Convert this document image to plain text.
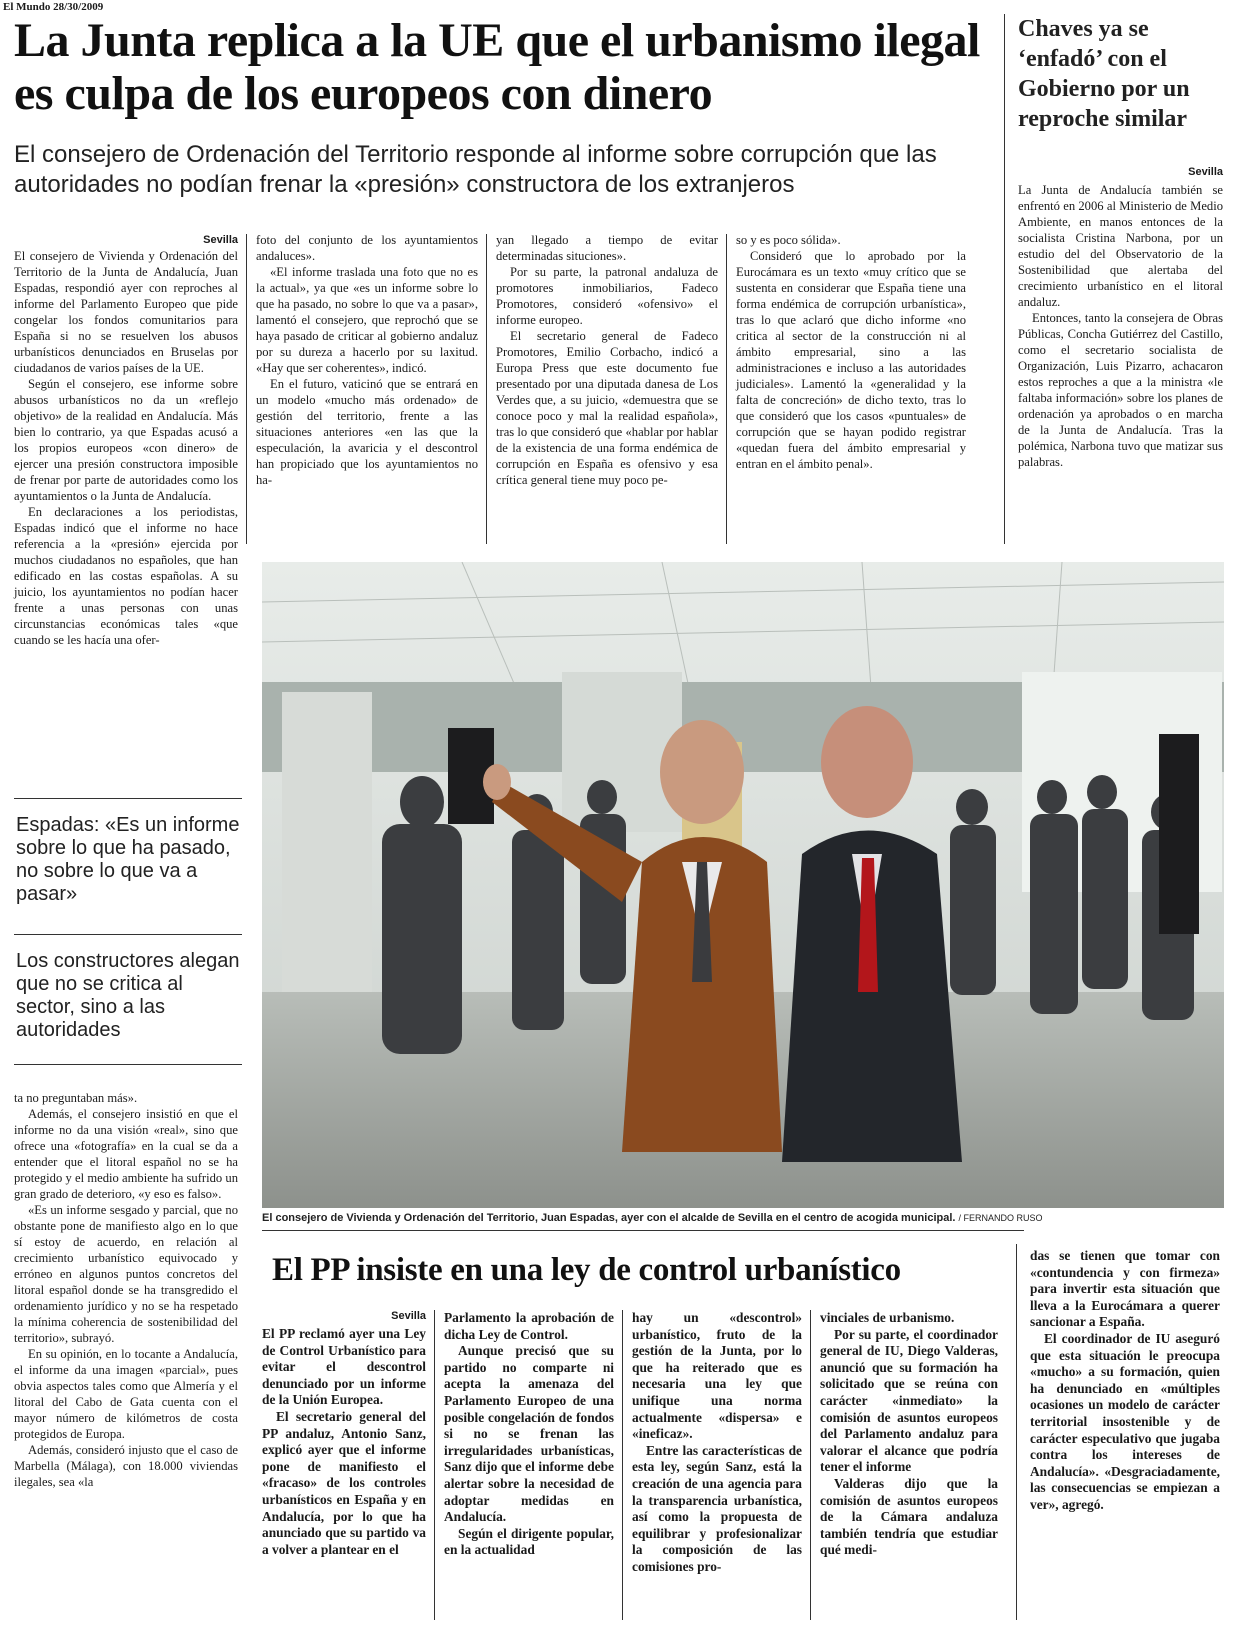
El Mundo 28/30/2009
La Junta replica a la UE que el urbanismo ilegal es culpa de los europeos con dinero
El consejero de Ordenación del Territorio responde al informe sobre corrupción que las autoridades no podían frenar la «presión» constructora de los extranjeros
Chaves ya se ‘enfadó’ con el Gobierno por un reproche similar
Sevilla

La Junta de Andalucía también se enfrentó en 2006 al Ministerio de Medio Ambiente, en manos entonces de la socialista Cristina Narbona, por un estudio del del Observatorio de la Sostenibilidad que alertaba del crecimiento urbanístico en el litoral andaluz.

Entonces, tanto la consejera de Obras Públicas, Concha Gutiérrez del Castillo, como el secretario socialista de Organización, Luis Pizarro, achacaron estos reproches a que a la ministra «le faltaba información» sobre los planes de ordenación ya aprobados o en marcha de la Junta de Andalucía. Tras la polémica, Narbona tuvo que matizar sus palabras.

Sevilla

El consejero de Vivienda y Ordenación del Territorio de la Junta de Andalucía, Juan Espadas, respondió ayer con reproches al informe del Parlamento Europeo que pide congelar los fondos comunitarios para España si no se resuelven los abusos urbanísticos denunciados en Bruselas por ciudadanos de varios países de la UE.

Según el consejero, ese informe sobre abusos urbanísticos no da un «reflejo objetivo» de la realidad en Andalucía. Más bien lo contrario, ya que Espadas acusó a los propios europeos «con dinero» de ejercer una presión constructora imposible de frenar por parte de autoridades como los ayuntamientos o la Junta de Andalucía.

En declaraciones a los periodistas, Espadas indicó que el informe no hace referencia a la «presión» ejercida por muchos ciudadanos no españoles, que han edificado en las costas españolas. A su juicio, los ayuntamientos no podían hacer frente a unas personas con unas circunstancias económicas tales «que cuando se les hacía una ofer-

foto del conjunto de los ayuntamientos andaluces».

«El informe traslada una foto que no es la actual», ya que «es un informe sobre lo que ha pasado, no sobre lo que va a pasar», lamentó el consejero, que reprochó que se haya pasado de criticar al gobierno andaluz por su dureza a hacerlo por su laxitud. «Hay que ser coherentes», indicó.

En el futuro, vaticinó que se entrará en un modelo «mucho más ordenado» de gestión del territorio, frente a las situaciones anteriores «en las que la especulación, la avaricia y el descontrol han propiciado que los ayuntamientos no ha-

yan llegado a tiempo de evitar determinadas situciones».

Por su parte, la patronal andaluza de promotores inmobiliarios, Fadeco Promotores, consideró «ofensivo» el informe europeo.

El secretario general de Fadeco Promotores, Emilio Corbacho, indicó a Europa Press que este documento fue presentado por una diputada danesa de Los Verdes que, a su juicio, «demuestra que se conoce poco y mal la realidad española», tras lo que consideró que «hablar por hablar de la existencia de una forma endémica de corrupción en España es ofensivo y esa crítica general tiene muy poco pe-

so y es poco sólida».

Consideró que lo aprobado por la Eurocámara es un texto «muy crítico que se sustenta en considerar que España tiene una forma endémica de corrupción urbanística», tras lo que aclaró que dicho informe «no critica al sector de la construcción ni al ámbito empresarial, sino a las administraciones e incluso a las autoridades judiciales». Lamentó la «generalidad y la falta de concreción» de dicho texto, tras lo que consideró que los casos «puntuales» de corrupción que se hayan podido registrar «quedan fuera del ámbito empresarial y entran en el ámbito penal».

Espadas: «Es un informe sobre lo que ha pasado, no sobre lo que va a pasar»
Los constructores alegan que no se critica al sector, sino a las autoridades

ta no preguntaban más».

Además, el consejero insistió en que el informe no da una visión «real», sino que ofrece una «fotografía» en la cual se da a entender que el litoral español no se ha protegido y el medio ambiente ha sufrido un gran grado de deterioro, «y eso es falso».

«Es un informe sesgado y parcial, que no obstante pone de manifiesto algo en lo que sí estoy de acuerdo, en relación al crecimiento urbanístico equivocado y erróneo en algunos puntos concretos del litoral español donde se ha transgredido el ordenamiento jurídico y no se ha respetado la mínima coherencia de sostenibilidad del territorio», subrayó.

En su opinión, en lo tocante a Andalucía, el informe da una imagen «parcial», pues obvia aspectos tales como que Almería y el litoral del Cabo de Gata cuenta con el mayor número de kilómetros de costa protegidos de Europa.

Además, consideró injusto que el caso de Marbella (Málaga), con 18.000 viviendas ilegales, sea «la

El consejero de Vivienda y Ordenación del Territorio, Juan Espadas, ayer con el alcalde de Sevilla en el centro de acogida municipal. / FERNANDO RUSO
El PP insiste en una ley de control urbanístico
Sevilla

El PP reclamó ayer una Ley de Control Urbanístico para evitar el descontrol denunciado por un informe de la Unión Europea.

El secretario general del PP andaluz, Antonio Sanz, explicó ayer que el informe pone de manifiesto el «fracaso» de los controles urbanísticos en España y en Andalucía, por lo que ha anunciado que su partido va a volver a plantear en el

Parlamento la aprobación de dicha Ley de Control.

Aunque precisó que su partido no comparte ni acepta la amenaza del Parlamento Europeo de una posible congelación de fondos si no se frenan las irregularidades urbanísticas, Sanz dijo que el informe debe alertar sobre la necesidad de adoptar medidas en Andalucía.

Según el dirigente popular, en la actualidad

hay un «descontrol» urbanístico, fruto de la gestión de la Junta, por lo que ha reiterado que es necesaria una ley que unifique una norma actualmente «dispersa» e «ineficaz».

Entre las características de esta ley, según Sanz, está la creación de una agencia para la transparencia urbanística, así como la propuesta de equilibrar y profesionalizar la composición de las comisiones pro-

vinciales de urbanismo.

Por su parte, el coordinador general de IU, Diego Valderas, anunció que su formación ha solicitado que se reúna con carácter «inmediato» la comisión de asuntos europeos del Parlamento andaluz para valorar el alcance que podría tener el informe

Valderas dijo que la comisión de asuntos europeos de la Cámara andaluza también tendría que estudiar qué medi-

das se tienen que tomar con «contundencia y con firmeza» para invertir esta situación que lleva a la Eurocámara a querer sancionar a España.

El coordinador de IU aseguró que esta situación le preocupa «mucho» a su formación, quien ha denunciado en «múltiples ocasiones un modelo de carácter territorial insostenible y de carácter especulativo que jugaba contra los intereses de Andalucía». «Desgraciadamente, las consecuencias se empiezan a ver», agregó.
